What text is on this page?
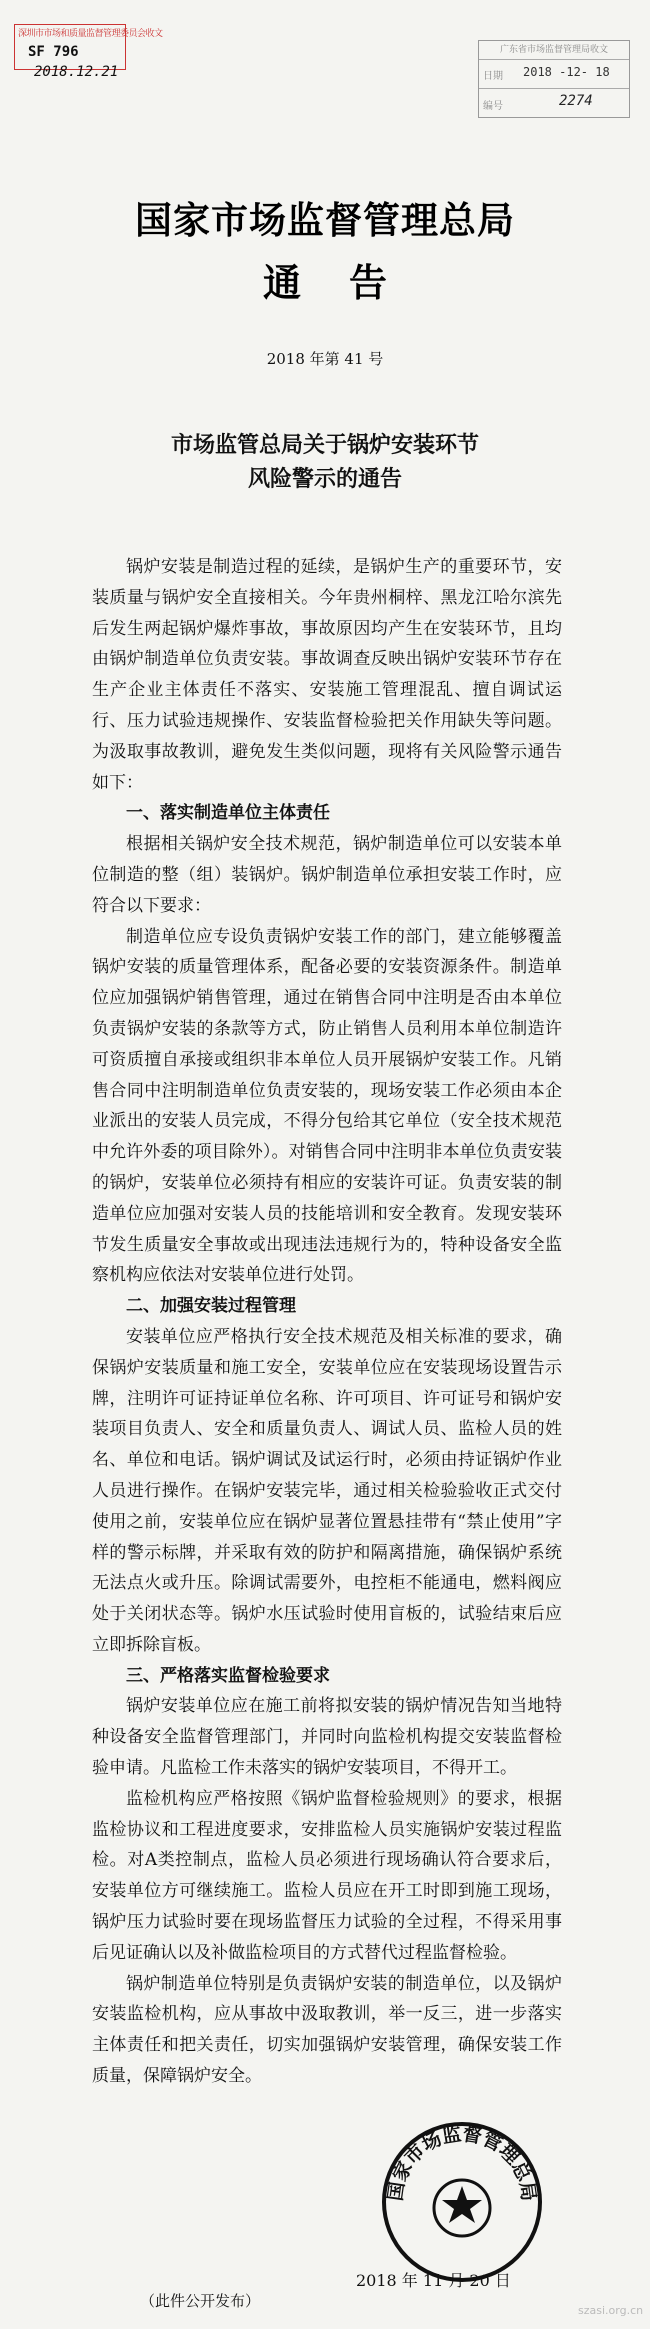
深圳市市场和质量监督管理委员会收文
SF 796
2018.12.21
广东省市场监督管理局收文
日期 2018 -12- 18
编号	2274
国家市场监督管理总局
通告
2018 年第 41 号
市场监管总局关于锅炉安装环节
风险警示的通告

锅炉安装是制造过程的延续，是锅炉生产的重要环节，安装质量与锅炉安全直接相关。今年贵州桐梓、黑龙江哈尔滨先后发生两起锅炉爆炸事故，事故原因均产生在安装环节，且均由锅炉制造单位负责安装。事故调查反映出锅炉安装环节存在生产企业主体责任不落实、安装施工管理混乱、擅自调试运行、压力试验违规操作、安装监督检验把关作用缺失等问题。为汲取事故教训，避免发生类似问题，现将有关风险警示通告如下：

一、落实制造单位主体责任

根据相关锅炉安全技术规范，锅炉制造单位可以安装本单位制造的整（组）装锅炉。锅炉制造单位承担安装工作时，应符合以下要求：

制造单位应专设负责锅炉安装工作的部门，建立能够覆盖锅炉安装的质量管理体系，配备必要的安装资源条件。制造单位应加强锅炉销售管理，通过在销售合同中注明是否由本单位负责锅炉安装的条款等方式，防止销售人员利用本单位制造许可资质擅自承接或组织非本单位人员开展锅炉安装工作。凡销售合同中注明制造单位负责安装的，现场安装工作必须由本企业派出的安装人员完成，不得分包给其它单位（安全技术规范中允许外委的项目除外）。对销售合同中注明非本单位负责安装的锅炉，安装单位必须持有相应的安装许可证。负责安装的制造单位应加强对安装人员的技能培训和安全教育。发现安装环节发生质量安全事故或出现违法违规行为的，特种设备安全监察机构应依法对安装单位进行处罚。

二、加强安装过程管理

安装单位应严格执行安全技术规范及相关标准的要求，确保锅炉安装质量和施工安全，安装单位应在安装现场设置告示牌，注明许可证持证单位名称、许可项目、许可证号和锅炉安装项目负责人、安全和质量负责人、调试人员、监检人员的姓名、单位和电话。锅炉调试及试运行时，必须由持证锅炉作业人员进行操作。在锅炉安装完毕，通过相关检验验收正式交付使用之前，安装单位应在锅炉显著位置悬挂带有“禁止使用”字样的警示标牌，并采取有效的防护和隔离措施，确保锅炉系统无法点火或升压。除调试需要外，电控柜不能通电，燃料阀应处于关闭状态等。锅炉水压试验时使用盲板的，试验结束后应立即拆除盲板。

三、严格落实监督检验要求

锅炉安装单位应在施工前将拟安装的锅炉情况告知当地特种设备安全监督管理部门，并同时向监检机构提交安装监督检验申请。凡监检工作未落实的锅炉安装项目，不得开工。

监检机构应严格按照《锅炉监督检验规则》的要求，根据监检协议和工程进度要求，安排监检人员实施锅炉安装过程监检。对A类控制点，监检人员必须进行现场确认符合要求后，安装单位方可继续施工。监检人员应在开工时即到施工现场，锅炉压力试验时要在现场监督压力试验的全过程，不得采用事后见证确认以及补做监检项目的方式替代过程监督检验。

锅炉制造单位特别是负责锅炉安装的制造单位，以及锅炉安装监检机构，应从事故中汲取教训，举一反三，进一步落实主体责任和把关责任，切实加强锅炉安装管理，确保安装工作质量，保障锅炉安全。

国家市场监督管理总局
2018 年 11 月 20 日
（此件公开发布）
szasi.org.cn
